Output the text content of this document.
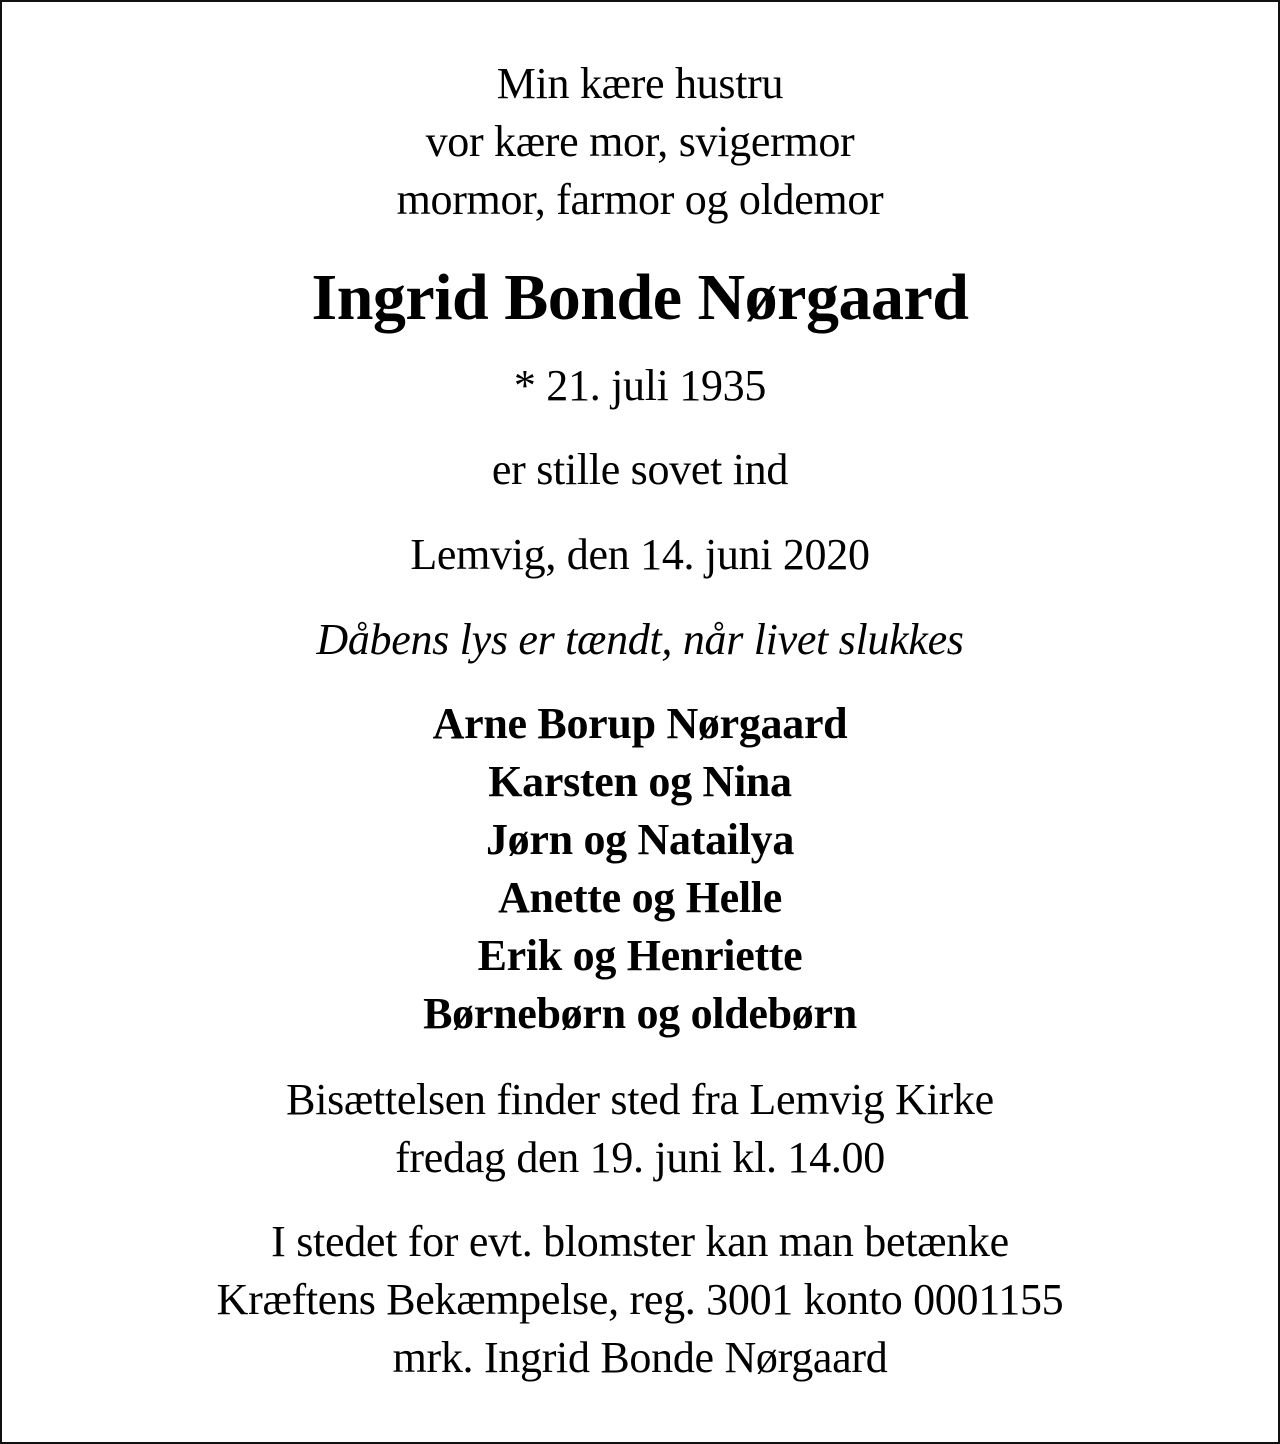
Min kære hustru
vor kære mor, svigermor
mormor, farmor og oldemor
Ingrid Bonde Nørgaard
* 21. juli 1935
er stille sovet ind
Lemvig, den 14. juni 2020
Dåbens lys er tændt, når livet slukkes
Arne Borup Nørgaard
Karsten og Nina
Jørn og Natailya
Anette og Helle
Erik og Henriette
Børnebørn og oldebørn
Bisættelsen finder sted fra Lemvig Kirke
fredag den 19. juni kl. 14.00
I stedet for evt. blomster kan man betænke
Kræftens Bekæmpelse, reg. 3001 konto 0001155
mrk. Ingrid Bonde Nørgaard
